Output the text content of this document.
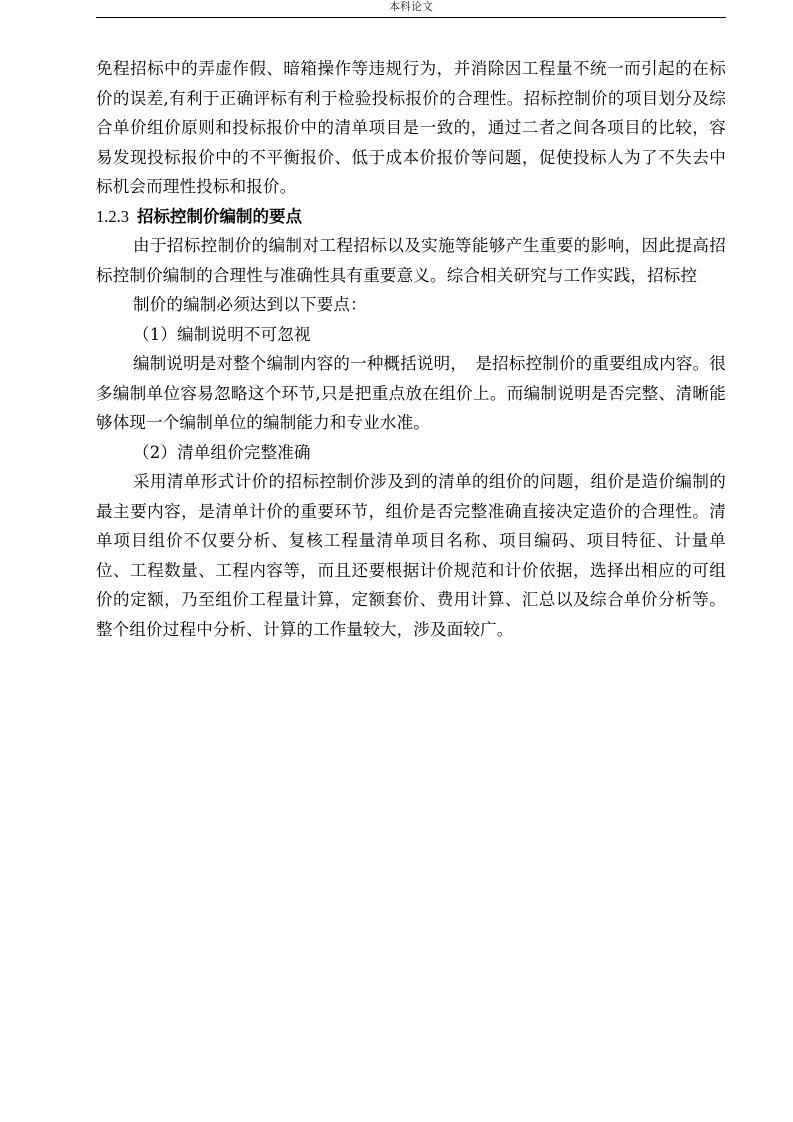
本科论文

免程招标中的弄虚作假、暗箱操作等违规行为，并消除因工程量不统一而引起的在标价的误差,有利于正确评标有利于检验投标报价的合理性。招标控制价的项目划分及综合单价组价原则和投标报价中的清单项目是一致的，通过二者之间各项目的比较，容易发现投标报价中的不平衡报价、低于成本价报价等问题，促使投标人为了不失去中标机会而理性投标和报价。

1.2.3 招标控制价编制的要点

由于招标控制价的编制对工程招标以及实施等能够产生重要的影响，因此提高招标控制价编制的合理性与准确性具有重要意义。综合相关研究与工作实践，招标控

制价的编制必须达到以下要点：

（1）编制说明不可忽视

编制说明是对整个编制内容的一种概括说明，　是招标控制价的重要组成内容。很多编制单位容易忽略这个环节,只是把重点放在组价上。而编制说明是否完整、清晰能够体现一个编制单位的编制能力和专业水准。

（2）清单组价完整准确

采用清单形式计价的招标控制价涉及到的清单的组价的问题，组价是造价编制的最主要内容，是清单计价的重要环节，组价是否完整准确直接决定造价的合理性。清单项目组价不仅要分析、复核工程量清单项目名称、项目编码、项目特征、计量单位、工程数量、工程内容等，而且还要根据计价规范和计价依据，选择出相应的可组价的定额，乃至组价工程量计算，定额套价、费用计算、汇总以及综合单价分析等。整个组价过程中分析、计算的工作量较大，涉及面较广。
